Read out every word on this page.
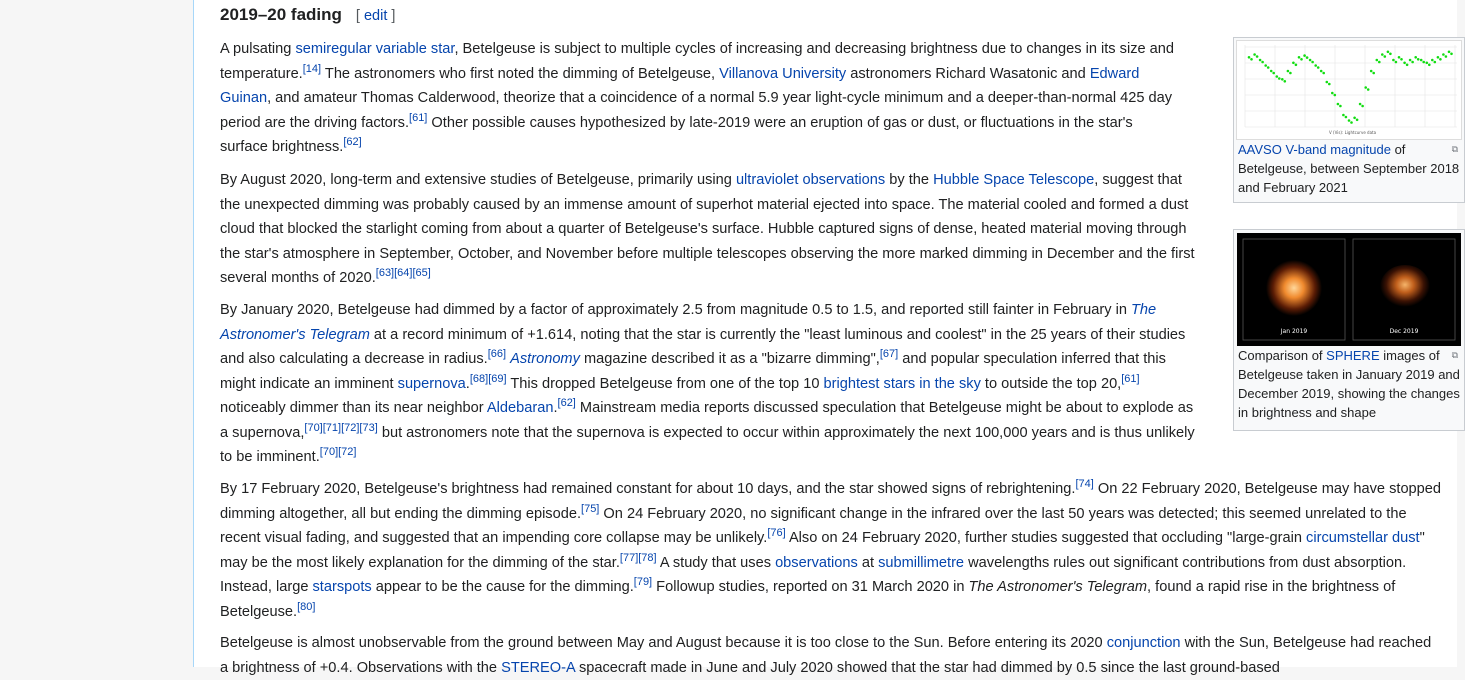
2019–20 fading [ edit ]

A pulsating semiregular variable star, Betelgeuse is subject to multiple cycles of increasing and decreasing brightness due to changes in its size and temperature.[14] The astronomers who first noted the dimming of Betelgeuse, Villanova University astronomers Richard Wasatonic and Edward Guinan, and amateur Thomas Calderwood, theorize that a coincidence of a normal 5.9 year light-cycle minimum and a deeper-than-normal 425 day period are the driving factors.[61] Other possible causes hypothesized by late-2019 were an eruption of gas or dust, or fluctuations in the star's surface brightness.[62]

By August 2020, long-term and extensive studies of Betelgeuse, primarily using ultraviolet observations by the Hubble Space Telescope, suggest that the unexpected dimming was probably caused by an immense amount of superhot material ejected into space. The material cooled and formed a dust cloud that blocked the starlight coming from about a quarter of Betelgeuse's surface. Hubble captured signs of dense, heated material moving through the star's atmosphere in September, October, and November before multiple telescopes observing the more marked dimming in December and the first several months of 2020.[63][64][65]

By January 2020, Betelgeuse had dimmed by a factor of approximately 2.5 from magnitude 0.5 to 1.5, and reported still fainter in February in The Astronomer's Telegram at a record minimum of +1.614, noting that the star is currently the "least luminous and coolest" in the 25 years of their studies and also calculating a decrease in radius.[66] Astronomy magazine described it as a "bizarre dimming",[67] and popular speculation inferred that this might indicate an imminent supernova.[68][69] This dropped Betelgeuse from one of the top 10 brightest stars in the sky to outside the top 20,[61] noticeably dimmer than its near neighbor Aldebaran.[62] Mainstream media reports discussed speculation that Betelgeuse might be about to explode as a supernova,[70][71][72][73] but astronomers note that the supernova is expected to occur within approximately the next 100,000 years and is thus unlikely to be imminent.[70][72]

By 17 February 2020, Betelgeuse's brightness had remained constant for about 10 days, and the star showed signs of rebrightening.[74] On 22 February 2020, Betelgeuse may have stopped dimming altogether, all but ending the dimming episode.[75] On 24 February 2020, no significant change in the infrared over the last 50 years was detected; this seemed unrelated to the recent visual fading, and suggested that an impending core collapse may be unlikely.[76] Also on 24 February 2020, further studies suggested that occluding "large-grain circumstellar dust" may be the most likely explanation for the dimming of the star.[77][78] A study that uses observations at submillimetre wavelengths rules out significant contributions from dust absorption. Instead, large starspots appear to be the cause for the dimming.[79] Followup studies, reported on 31 March 2020 in The Astronomer's Telegram, found a rapid rise in the brightness of Betelgeuse.[80]

Betelgeuse is almost unobservable from the ground between May and August because it is too close to the Sun. Before entering its 2020 conjunction with the Sun, Betelgeuse had reached a brightness of +0.4. Observations with the STEREO-A spacecraft made in June and July 2020 showed that the star had dimmed by 0.5 since the last ground-based

V (Vis): Lightcurve data
⧉
AAVSO V-band magnitude of Betelgeuse, between September 2018 and February 2021
Jan 2019	Dec 2019
⧉
Comparison of SPHERE images of Betelgeuse taken in January 2019 and December 2019, showing the changes in brightness and shape
